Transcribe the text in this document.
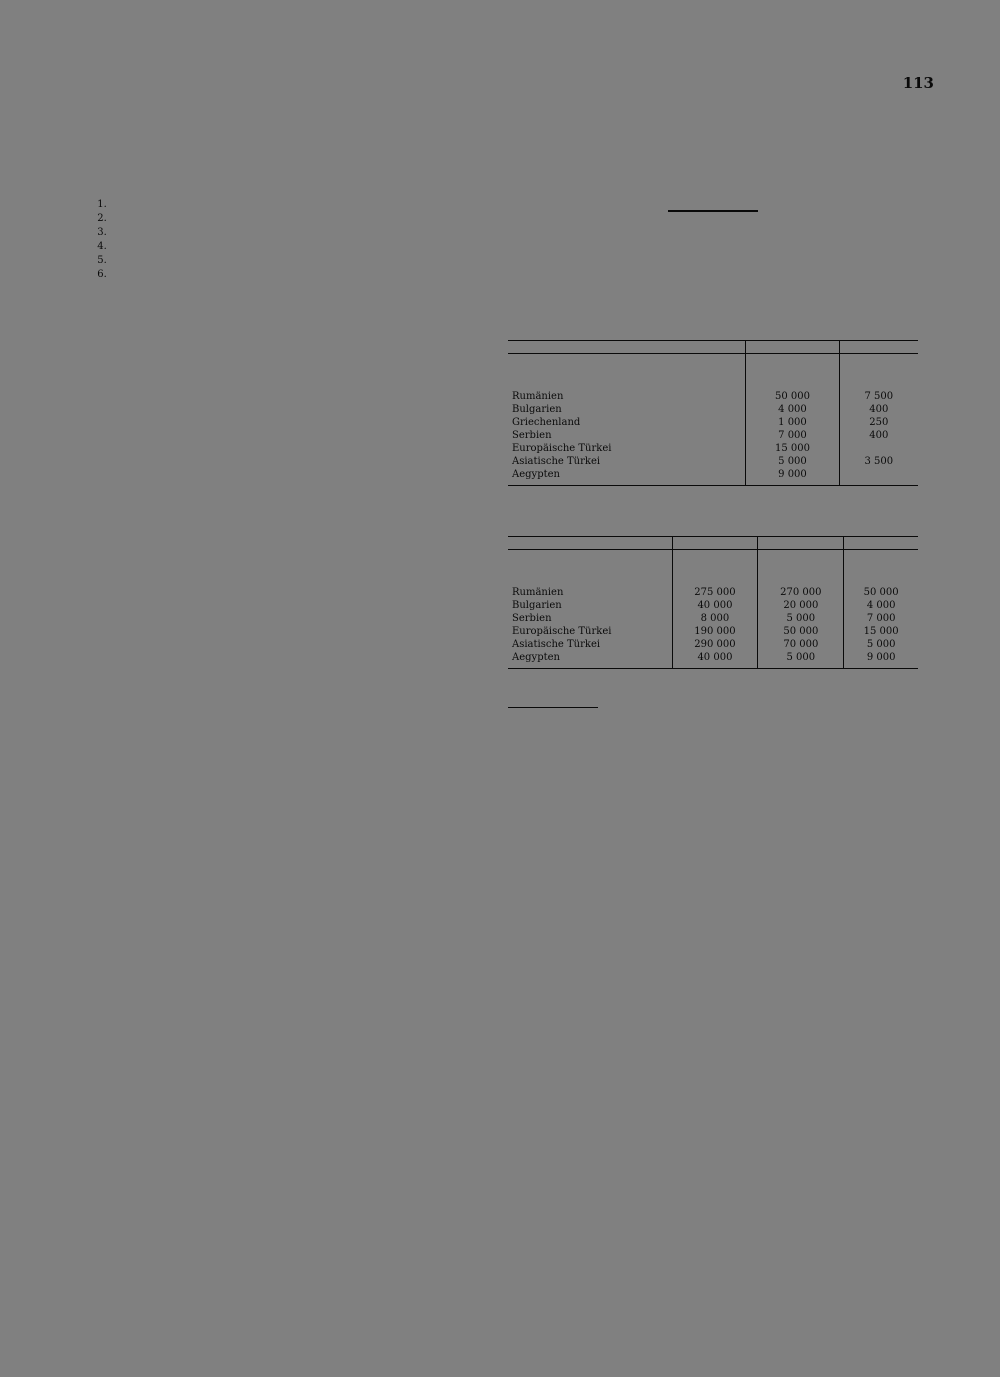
113

1.
2.
3.
4.
5.
6.

Rumänien	50 000	7 500
Bulgarien	4 000	400
Griechenland	1 000	250
Serbien	7 000	400
Europäische Türkei	15 000	
Asiatische Türkei	5 000	3 500
Aegypten	9 000	

Rumänien	275 000	270 000	50 000
Bulgarien	40 000	20 000	4 000
Serbien	8 000	5 000	7 000
Europäische Türkei	190 000	50 000	15 000
Asiatische Türkei	290 000	70 000	5 000
Aegypten	40 000	5 000	9 000
